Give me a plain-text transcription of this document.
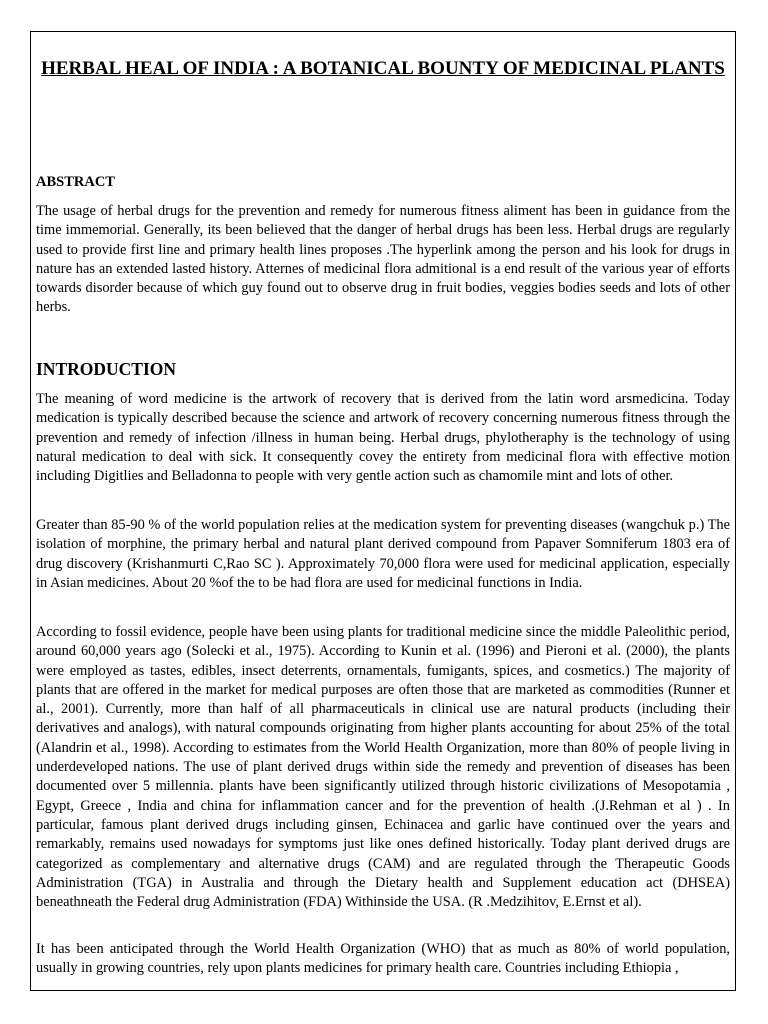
HERBAL HEAL OF INDIA : A BOTANICAL BOUNTY OF MEDICINAL PLANTS
ABSTRACT

The usage of herbal drugs for the prevention and remedy for numerous fitness aliment has been in guidance from the time immemorial. Generally, its been believed that the danger of herbal drugs has been less. Herbal drugs are regularly used to provide first line and primary health lines proposes .The hyperlink among the person and his look for drugs in nature has an extended lasted history. Atternes of medicinal flora admitional is a end result of the various year of efforts towards disorder because of which guy found out to observe drug in fruit bodies, veggies bodies seeds and lots of other herbs.

INTRODUCTION

The meaning of word medicine is the artwork of recovery that is derived from the latin word arsmedicina. Today medication is typically described because the science and artwork of recovery concerning numerous fitness through the prevention and remedy of infection /illness in human being. Herbal drugs, phylotheraphy is the technology of using natural medication to deal with sick. It consequently covey the entirety from medicinal flora with effective motion including Digitlies and Belladonna to people with very gentle action such as chamomile mint and lots of other.

Greater than 85-90 % of the world population relies at the medication system for preventing diseases (wangchuk p.) The isolation of morphine, the primary herbal and natural plant derived compound from Papaver Somniferum 1803 era of drug discovery (Krishanmurti C,Rao SC ). Approximately 70,000 flora were used for medicinal application, especially in Asian medicines. About 20 %of the to be had flora are used for medicinal functions in India.

According to fossil evidence, people have been using plants for traditional medicine since the middle Paleolithic period, around 60,000 years ago (Solecki et al., 1975). According to Kunin et al. (1996) and Pieroni et al. (2000), the plants were employed as tastes, edibles, insect deterrents, ornamentals, fumigants, spices, and cosmetics.) The majority of plants that are offered in the market for medical purposes are often those that are marketed as commodities (Runner et al., 2001). Currently, more than half of all pharmaceuticals in clinical use are natural products (including their derivatives and analogs), with natural compounds originating from higher plants accounting for about 25% of the total (Alandrin et al., 1998). According to estimates from the World Health Organization, more than 80% of people living in underdeveloped nations. The use of plant derived drugs within side the remedy and prevention of diseases has been documented over 5 millennia. plants have been significantly utilized through historic civilizations of Mesopotamia , Egypt, Greece , India and china for inflammation cancer and for the prevention of health .(J.Rehman et al ) . In particular, famous plant derived drugs including ginsen, Echinacea and garlic have continued over the years and remarkably, remains used nowadays for symptoms just like ones defined historically. Today plant derived drugs are categorized as complementary and alternative drugs (CAM) and are regulated through the Therapeutic Goods Administration (TGA) in Australia and through the Dietary health and Supplement education act (DHSEA) beneathneath the Federal drug Administration (FDA) Withinside the USA. (R .Medzihitov, E.Ernst et al).

It has been anticipated through the World Health Organization (WHO) that as much as 80% of world population, usually in growing countries, rely upon plants medicines for primary health care. Countries including Ethiopia ,
